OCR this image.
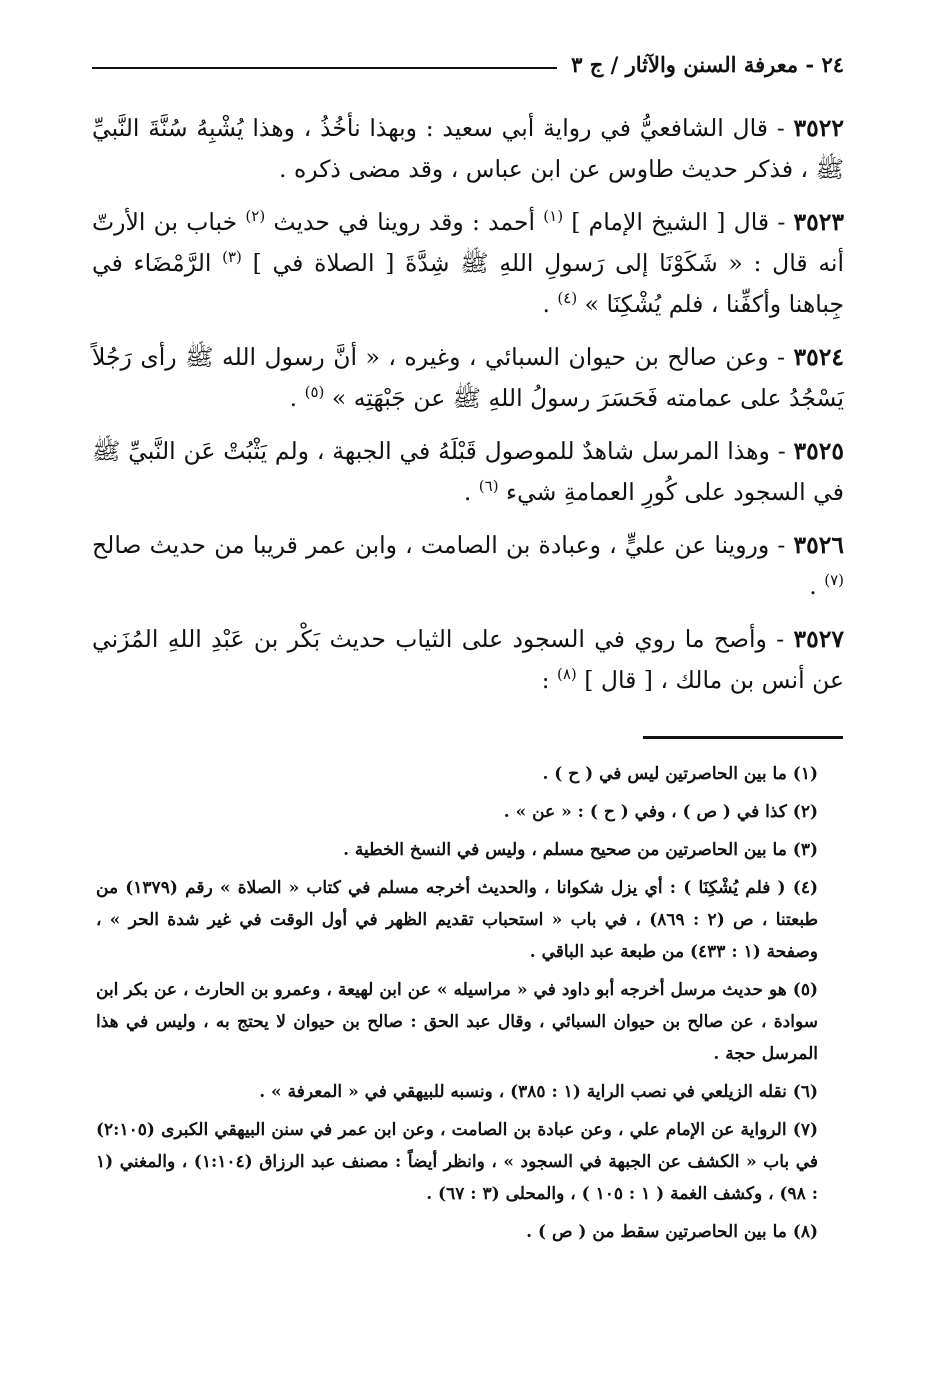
٢٤ - معرفة السنن والآثار / ج ٣

٣٥٢٢ - قال الشافعيُّ في رواية أبي سعيد : وبهذا نأخُذُ ، وهذا يُشْبِهُ سُنَّةَ النَّبيِّ ﷺ ، فذكر حديث طاوس عن ابن عباس ، وقد مضى ذكره .

٣٥٢٣ - قال [ الشيخ الإمام ] $^{(١)}$ أحمد : وقد روينا في حديث $^{(٢)}$ خباب بن الأرتّ أنه قال : « شَكَوْنَا إلى رَسولِ اللهِ ﷺ شِدَّةَ [ الصلاة في ] $^{(٣)}$ الرَّمْضَاء في جِباهنا وأكفِّنا ، فلم يُشْكِنَا » $^{(٤)}$ .

٣٥٢٤ - وعن صالح بن حيوان السبائي ، وغيره ، « أنَّ رسول الله ﷺ رأى رَجُلاً يَسْجُدُ على عمامته فَحَسَرَ رسولُ اللهِ ﷺ عن جَبْهَتِه » $^{(٥)}$ .

٣٥٢٥ - وهذا المرسل شاهدٌ للموصول قَبْلَهُ في الجبهة ، ولم يَثْبُتْ عَن النَّبيِّ ﷺ في السجود على كُورِ العمامةِ شيء $^{(٦)}$ .

٣٥٢٦ - وروينا عن عليٍّ ، وعبادة بن الصامت ، وابن عمر قريبا من حديث صالح $^{(٧)}$ .

٣٥٢٧ - وأصح ما روي في السجود على الثياب حديث بَكْر بن عَبْدِ اللهِ المُزَني عن أنس بن مالك ، [ قال ] $^{(٨)}$ :

(١) ما بين الحاصرتين ليس في ( ح ) .

(٢) كذا في ( ص ) ، وفي ( ح ) : « عن » .

(٣) ما بين الحاصرتين من صحيح مسلم ، وليس في النسخ الخطية .

(٤) ( فلم يُشْكِنَا ) : أي يزل شكوانا ، والحديث أخرجه مسلم في كتاب « الصلاة » رقم (١٣٧٩) من طبعتنا ، ص (٢ : ٨٦٩) ، في باب « استحباب تقديم الظهر في أول الوقت في غير شدة الحر » ، وصفحة (١ : ٤٣٣) من طبعة عبد الباقي .

(٥) هو حديث مرسل أخرجه أبو داود في « مراسيله » عن ابن لهيعة ، وعمرو بن الحارث ، عن بكر ابن سوادة ، عن صالح بن حيوان السبائي ، وقال عبد الحق : صالح بن حيوان لا يحتج به ، وليس في هذا المرسل حجة .

(٦) نقله الزيلعي في نصب الراية (١ : ٣٨٥) ، ونسبه للبيهقي في « المعرفة » .

(٧) الرواية عن الإمام علي ، وعن عبادة بن الصامت ، وعن ابن عمر في سنن البيهقي الكبرى (٢:١٠٥) في باب « الكشف عن الجبهة في السجود » ، وانظر أيضاً : مصنف عبد الرزاق (١:١٠٤) ، والمغني (١ : ٩٨) ، وكشف الغمة ( ١ : ١٠٥ ) ، والمحلى (٣ : ٦٧) .

(٨) ما بين الحاصرتين سقط من ( ص ) .
